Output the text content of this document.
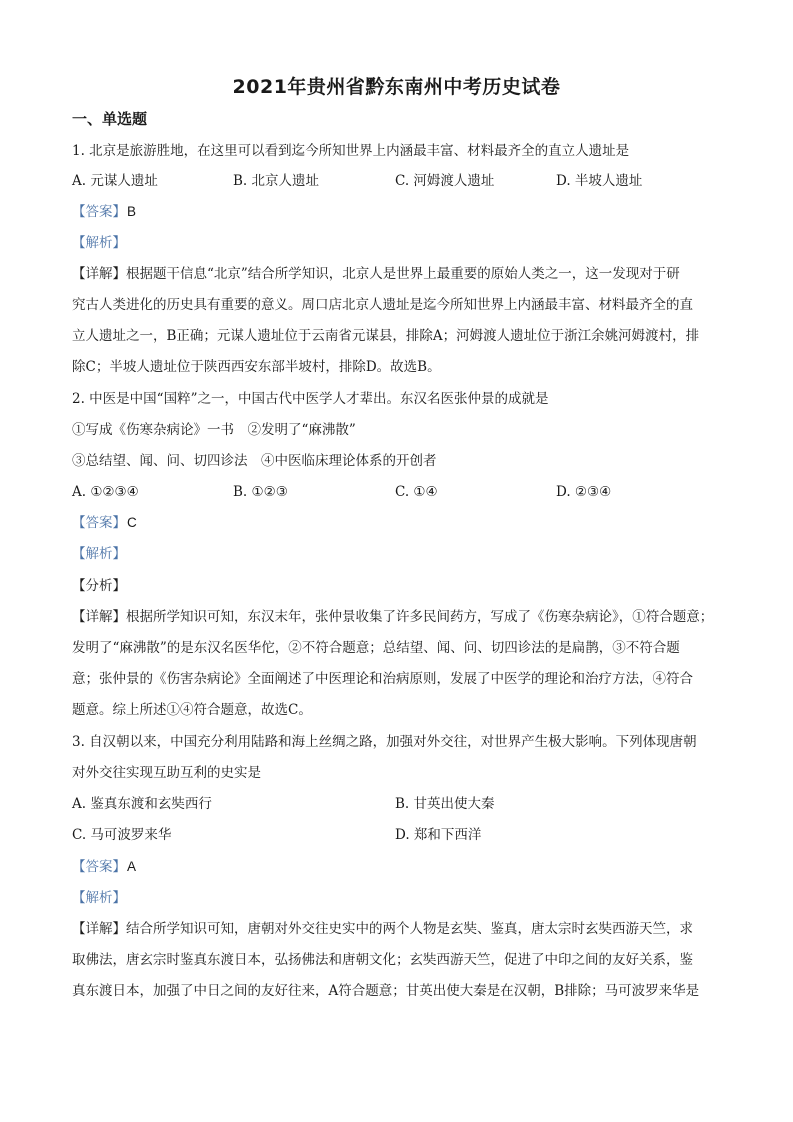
2021年贵州省黔东南州中考历史试卷
一、单选题
1. 北京是旅游胜地，在这里可以看到迄今所知世界上内涵最丰富、材料最齐全的直立人遗址是
A. 元谋人遗址	B. 北京人遗址	C. 河姆渡人遗址	D. 半坡人遗址
【答案】B
【解析】
【详解】根据题干信息“北京”结合所学知识，北京人是世界上最重要的原始人类之一，这一发现对于研
究古人类进化的历史具有重要的意义。周口店北京人遗址是迄今所知世界上内涵最丰富、材料最齐全的直
立人遗址之一，B正确；元谋人遗址位于云南省元谋县，排除A；河姆渡人遗址位于浙江余姚河姆渡村，排
除C；半坡人遗址位于陕西西安东部半坡村，排除D。故选B。
2. 中医是中国“国粹”之一，中国古代中医学人才辈出。东汉名医张仲景的成就是
①写成《伤寒杂病论》一书　②发明了“麻沸散”
③总结望、闻、问、切四诊法　④中医临床理论体系的开创者
A. ①②③④	B. ①②③	C. ①④	D. ②③④
【答案】C
【解析】
【分析】
【详解】根据所学知识可知，东汉末年，张仲景收集了许多民间药方，写成了《伤寒杂病论》，①符合题意；
发明了“麻沸散”的是东汉名医华佗，②不符合题意；总结望、闻、问、切四诊法的是扁鹊，③不符合题
意；张仲景的《伤害杂病论》全面阐述了中医理论和治病原则，发展了中医学的理论和治疗方法，④符合
题意。综上所述①④符合题意，故选C。
3. 自汉朝以来，中国充分利用陆路和海上丝绸之路，加强对外交往，对世界产生极大影响。下列体现唐朝
对外交往实现互助互利的史实是
A. 鉴真东渡和玄奘西行	B. 甘英出使大秦
C. 马可波罗来华	D. 郑和下西洋
【答案】A
【解析】
【详解】结合所学知识可知，唐朝对外交往史实中的两个人物是玄奘、鉴真，唐太宗时玄奘西游天竺，求
取佛法，唐玄宗时鉴真东渡日本，弘扬佛法和唐朝文化；玄奘西游天竺，促进了中印之间的友好关系，鉴
真东渡日本，加强了中日之间的友好往来，A符合题意；甘英出使大秦是在汉朝，B排除；马可波罗来华是
